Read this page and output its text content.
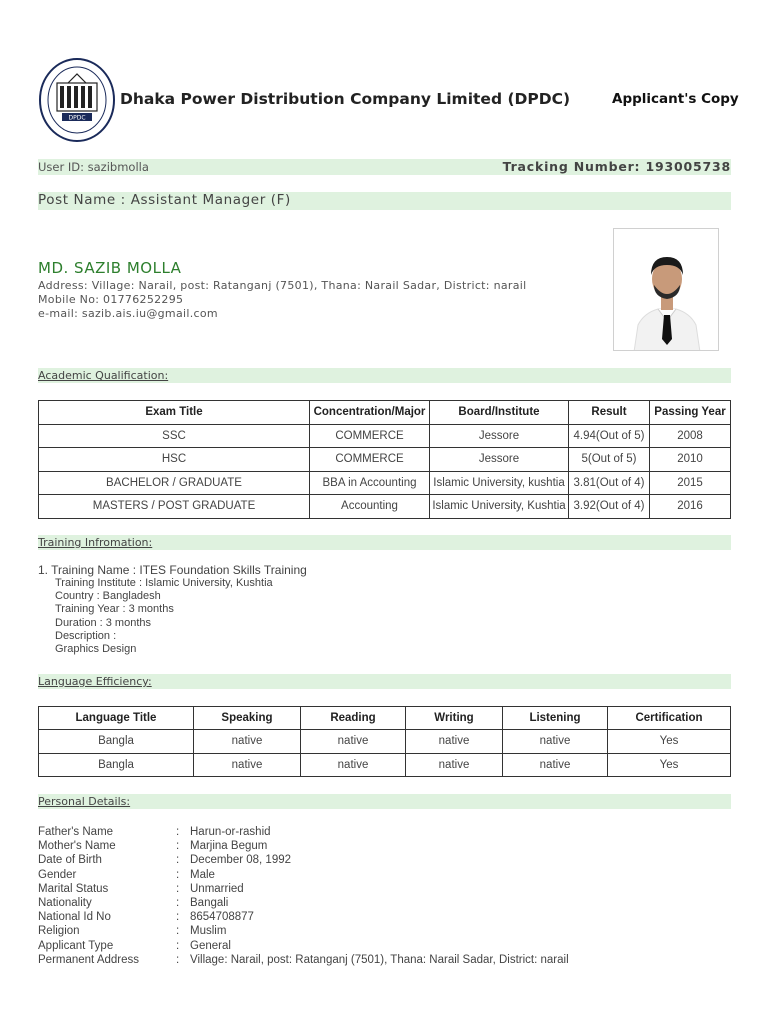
DPDC
Dhaka Power Distribution Company Limited (DPDC)	Applicant's Copy
User ID: sazibmolla	Tracking Number: 193005738
Post Name : Assistant Manager (F)
MD. SAZIB MOLLA
Address: Village: Narail, post: Ratanganj (7501), Thana: Narail Sadar, District: narail
Mobile No: 01776252295
e-mail: sazib.ais.iu@gmail.com
Academic Qualification:
Exam Title	Concentration/Major	Board/Institute	Result	Passing Year
SSC	COMMERCE	Jessore	4.94(Out of 5)	2008
HSC	COMMERCE	Jessore	5(Out of 5)	2010
BACHELOR / GRADUATE	BBA in Accounting	Islamic University, kushtia	3.81(Out of 4)	2015
MASTERS / POST GRADUATE	Accounting	Islamic University, Kushtia	3.92(Out of 4)	2016
Training Infromation:
1. Training Name : ITES Foundation Skills Training
Training Institute : Islamic University, Kushtia
Country : Bangladesh
Training Year : 3 months
Duration : 3 months
Description :
Graphics Design
Language Efficiency:
Language Title	Speaking	Reading	Writing	Listening	Certification
Bangla	native	native	native	native	Yes
Bangla	native	native	native	native	Yes
Personal Details:
Father's Name	: Harun-or-rashid
Mother's Name	: Marjina Begum
Date of Birth	: December 08, 1992
Gender	: Male
Marital Status	: Unmarried
Nationality	: Bangali
National Id No	: 8654708877
Religion	: Muslim
Applicant Type	: General
Permanent Address	: Village: Narail, post: Ratanganj (7501), Thana: Narail Sadar, District: narail
